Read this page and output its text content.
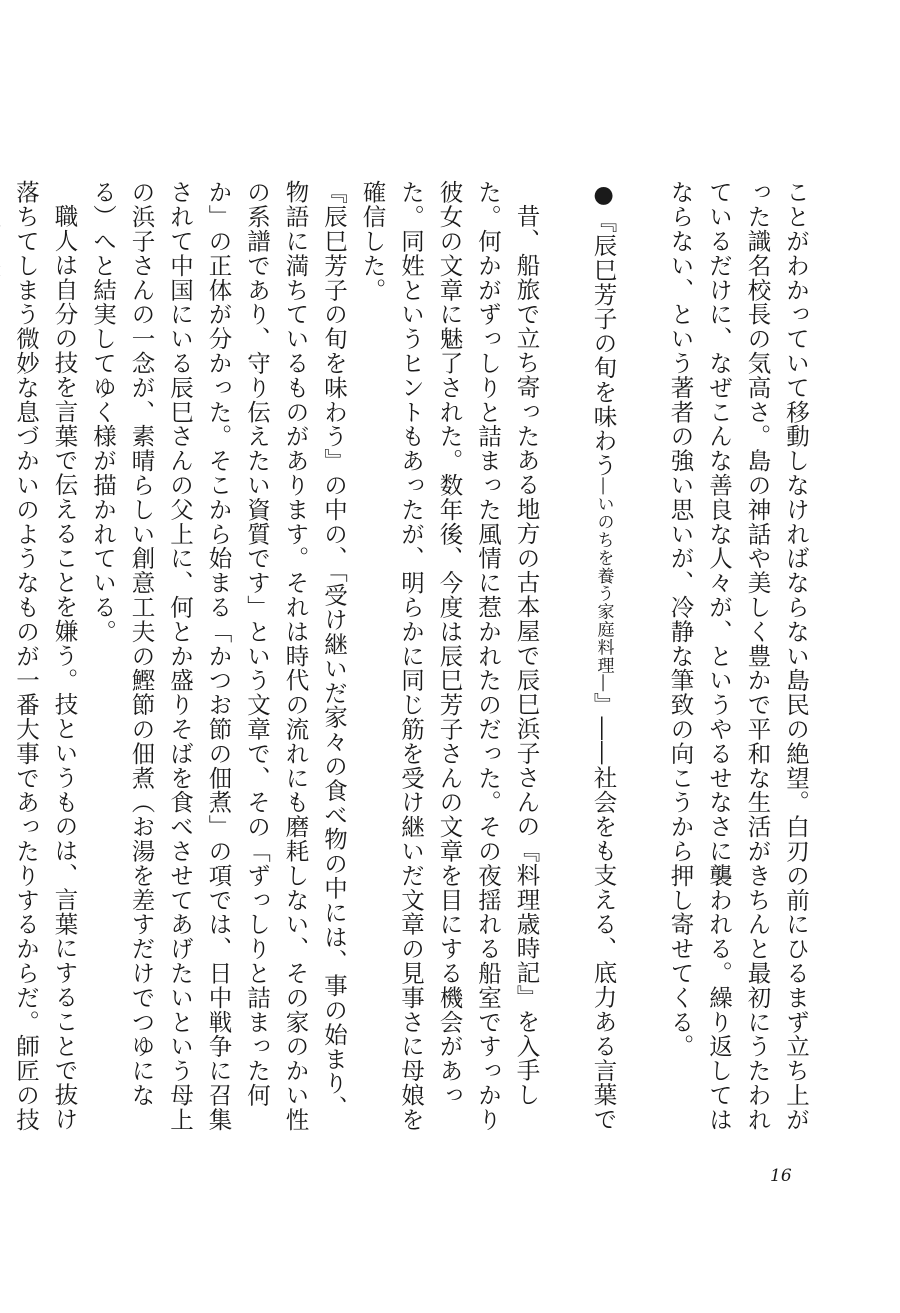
ことがわかっていて移動しなければならない島民の絶望。白刃の前にひるまず立ち上がった識名校長の気高さ。島の神話や美しく豊かで平和な生活がきちんと最初にうたわれているだけに、なぜこんな善良な人々が、というやるせなさに襲われる。繰り返してはならない、という著者の強い思いが、冷静な筆致の向こうから押し寄せてくる。

●『辰巳芳子の旬を味わう―いのちを養う家庭料理―』――社会をも支える、底力ある言葉で

昔、船旅で立ち寄ったある地方の古本屋で辰巳浜子さんの『料理歳時記』を入手した。何かがずっしりと詰まった風情に惹かれたのだった。その夜揺れる船室ですっかり彼女の文章に魅了された。数年後、今度は辰巳芳子さんの文章を目にする機会があった。同姓というヒントもあったが、明らかに同じ筋を受け継いだ文章の見事さに母娘を確信した。

『辰巳芳子の旬を味わう』の中の、「受け継いだ家々の食べ物の中には、事の始まり、物語に満ちているものがあります。それは時代の流れにも磨耗しない、その家のかい性の系譜であり、守り伝えたい資質です」という文章で、その「ずっしりと詰まった何か」の正体が分かった。そこから始まる「かつお節の佃煮」の項では、日中戦争に召集されて中国にいる辰巳さんの父上に、何とか盛りそばを食べさせてあげたいという母上の浜子さんの一念が、素晴らしい創意工夫の鰹節の佃煮（お湯を差すだけでつゆになる）へと結実してゆく様が描かれている。

職人は自分の技を言葉で伝えることを嫌う。技というものは、言葉にすることで抜け落ちてしまう微妙な息づかいのようなものが一番大事であったりするからだ。師匠の技

16
